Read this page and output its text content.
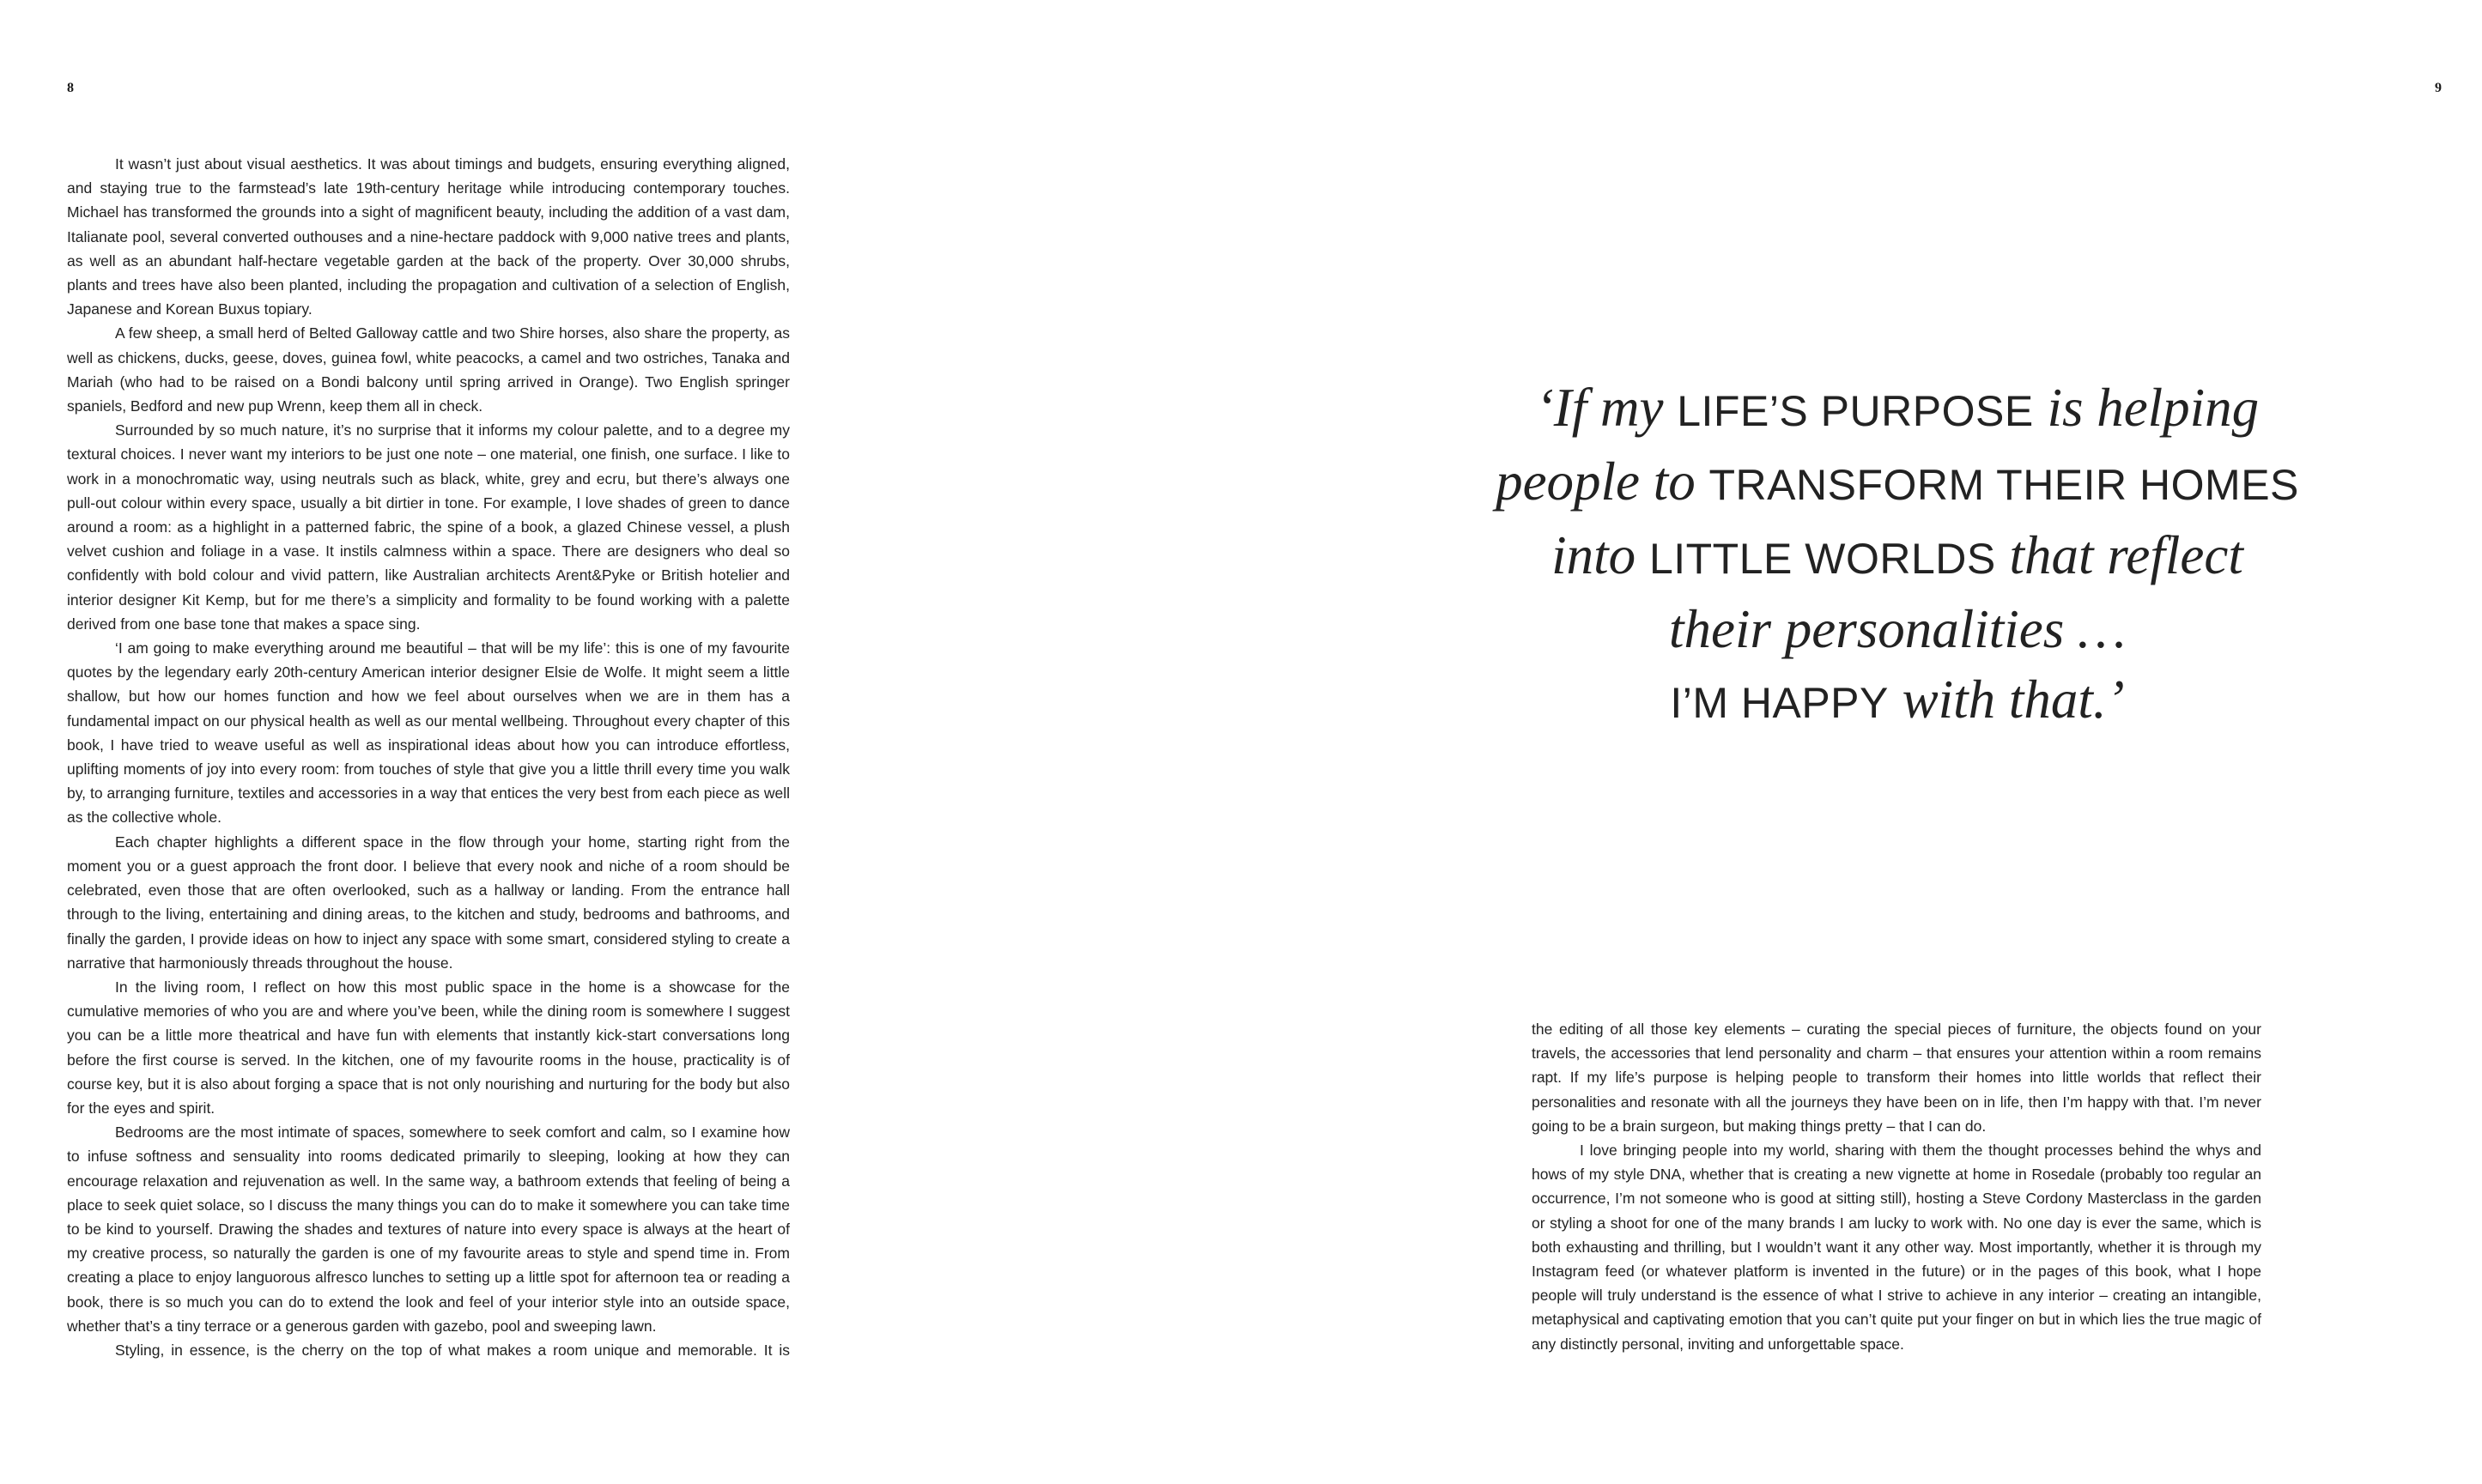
8	9

It wasn’t just about visual aesthetics. It was about timings and budgets, ensuring everything aligned, and staying true to the farmstead’s late 19th-century heritage while introducing contemporary touches. Michael has transformed the grounds into a sight of magnificent beauty, including the addition of a vast dam, Italianate pool, several converted outhouses and a nine-hectare paddock with 9,000 native trees and plants, as well as an abundant half-hectare vegetable garden at the back of the property. Over 30,000 shrubs, plants and trees have also been planted, including the propagation and cultivation of a selection of English, Japanese and Korean Buxus topiary.

A few sheep, a small herd of Belted Galloway cattle and two Shire horses, also share the property, as well as chickens, ducks, geese, doves, guinea fowl, white peacocks, a camel and two ostriches, Tanaka and Mariah (who had to be raised on a Bondi balcony until spring arrived in Orange). Two English springer spaniels, Bedford and new pup Wrenn, keep them all in check.

Surrounded by so much nature, it’s no surprise that it informs my colour palette, and to a degree my textural choices. I never want my interiors to be just one note – one material, one finish, one surface. I like to work in a monochromatic way, using neutrals such as black, white, grey and ecru, but there’s always one pull-out colour within every space, usually a bit dirtier in tone. For example, I love shades of green to dance around a room: as a highlight in a patterned fabric, the spine of a book, a glazed Chinese vessel, a plush velvet cushion and foliage in a vase. It instils calmness within a space. There are designers who deal so confidently with bold colour and vivid pattern, like Australian architects Arent&Pyke or British hotelier and interior designer Kit Kemp, but for me there’s a simplicity and formality to be found working with a palette derived from one base tone that makes a space sing.

‘I am going to make everything around me beautiful – that will be my life’: this is one of my favourite quotes by the legendary early 20th-century American interior designer Elsie de Wolfe. It might seem a little shallow, but how our homes function and how we feel about ourselves when we are in them has a fundamental impact on our physical health as well as our mental wellbeing. Throughout every chapter of this book, I have tried to weave useful as well as inspirational ideas about how you can introduce effortless, uplifting moments of joy into every room: from touches of style that give you a little thrill every time you walk by, to arranging furniture, textiles and accessories in a way that entices the very best from each piece as well as the collective whole.

Each chapter highlights a different space in the flow through your home, starting right from the moment you or a guest approach the front door. I believe that every nook and niche of a room should be celebrated, even those that are often overlooked, such as a hallway or landing. From the entrance hall through to the living, entertaining and dining areas, to the kitchen and study, bedrooms and bathrooms, and finally the garden, I provide ideas on how to inject any space with some smart, considered styling to create a narrative that harmoniously threads throughout the house.

In the living room, I reflect on how this most public space in the home is a showcase for the cumulative memories of who you are and where you’ve been, while the dining room is somewhere I suggest you can be a little more theatrical and have fun with elements that instantly kick-start conversations long before the first course is served. In the kitchen, one of my favourite rooms in the house, practicality is of course key, but it is also about forging a space that is not only nourishing and nurturing for the body but also for the eyes and spirit.

Bedrooms are the most intimate of spaces, somewhere to seek comfort and calm, so I examine how to infuse softness and sensuality into rooms dedicated primarily to sleeping, looking at how they can encourage relaxation and rejuvenation as well. In the same way, a bathroom extends that feeling of being a place to seek quiet solace, so I discuss the many things you can do to make it somewhere you can take time to be kind to yourself. Drawing the shades and textures of nature into every space is always at the heart of my creative process, so naturally the garden is one of my favourite areas to style and spend time in. From creating a place to enjoy languorous alfresco lunches to setting up a little spot for afternoon tea or reading a book, there is so much you can do to extend the look and feel of your interior style into an outside space, whether that’s a tiny terrace or a generous garden with gazebo, pool and sweeping lawn.

Styling, in essence, is the cherry on the top of what makes a room unique and memorable. It is

‘If my LIFE’S PURPOSE is helping people to TRANSFORM THEIR HOMES into LITTLE WORLDS that reflect their personalities …
I’M HAPPY with that.’

the editing of all those key elements – curating the special pieces of furniture, the objects found on your travels, the accessories that lend personality and charm – that ensures your attention within a room remains rapt. If my life’s purpose is helping people to transform their homes into little worlds that reflect their personalities and resonate with all the journeys they have been on in life, then I’m happy with that. I’m never going to be a brain surgeon, but making things pretty – that I can do.

I love bringing people into my world, sharing with them the thought processes behind the whys and hows of my style DNA, whether that is creating a new vignette at home in Rosedale (probably too regular an occurrence, I’m not someone who is good at sitting still), hosting a Steve Cordony Masterclass in the garden or styling a shoot for one of the many brands I am lucky to work with. No one day is ever the same, which is both exhausting and thrilling, but I wouldn’t want it any other way. Most importantly, whether it is through my Instagram feed (or whatever platform is invented in the future) or in the pages of this book, what I hope people will truly understand is the essence of what I strive to achieve in any interior – creating an intangible, metaphysical and captivating emotion that you can’t quite put your finger on but in which lies the true magic of any distinctly personal, inviting and unforgettable space.
